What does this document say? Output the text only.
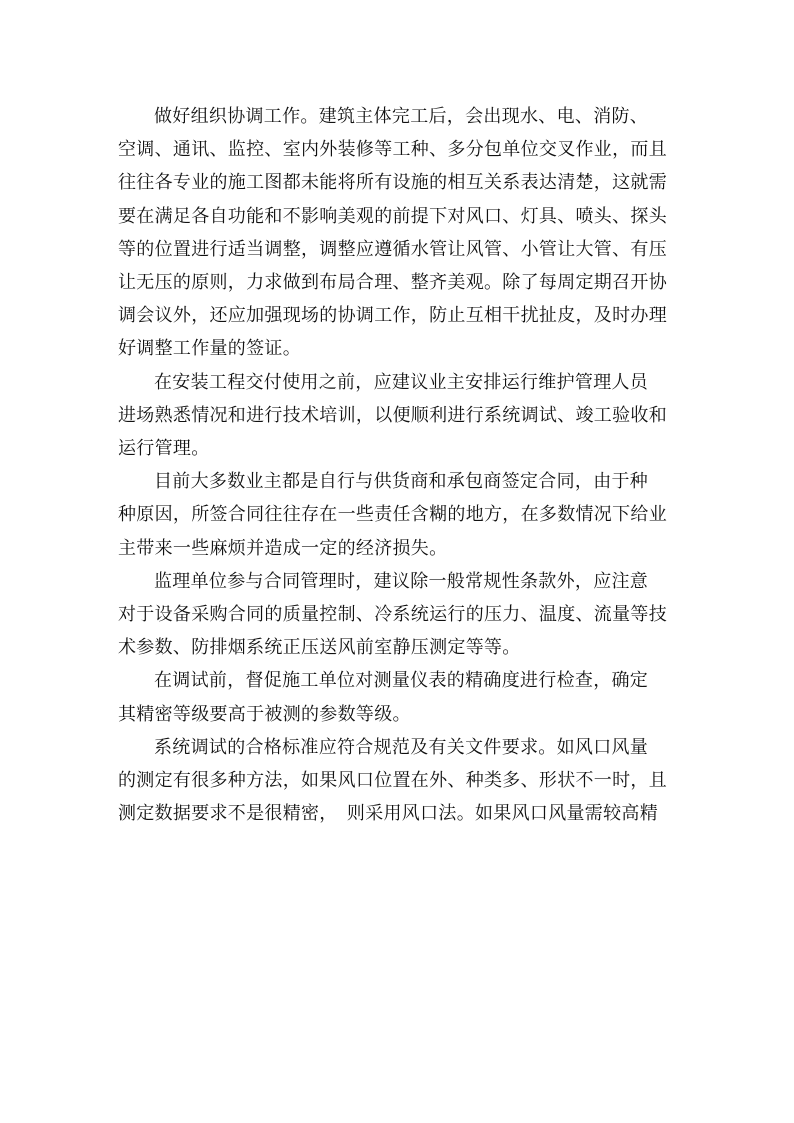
做好组织协调工作。建筑主体完工后，会出现水、电、消防、
空调、通讯、监控、室内外装修等工种、多分包单位交叉作业，而且
往往各专业的施工图都未能将所有设施的相互关系表达清楚，这就需
要在满足各自功能和不影响美观的前提下对风口、灯具、喷头、探头
等的位置进行适当调整，调整应遵循水管让风管、小管让大管、有压
让无压的原则，力求做到布局合理、整齐美观。除了每周定期召开协
调会议外，还应加强现场的协调工作，防止互相干扰扯皮，及时办理
好调整工作量的签证。

在安装工程交付使用之前，应建议业主安排运行维护管理人员
进场熟悉情况和进行技术培训，以便顺利进行系统调试、竣工验收和
运行管理。

目前大多数业主都是自行与供货商和承包商签定合同，由于种
种原因，所签合同往往存在一些责任含糊的地方，在多数情况下给业
主带来一些麻烦并造成一定的经济损失。

监理单位参与合同管理时，建议除一般常规性条款外，应注意
对于设备采购合同的质量控制、冷系统运行的压力、温度、流量等技
术参数、防排烟系统正压送风前室静压测定等等。

在调试前，督促施工单位对测量仪表的精确度进行检查，确定
其精密等级要高于被测的参数等级。

系统调试的合格标准应符合规范及有关文件要求。如风口风量
的测定有很多种方法，如果风口位置在外、种类多、形状不一时，且
测定数据要求不是很精密，　则采用风口法。如果风口风量需较高精
